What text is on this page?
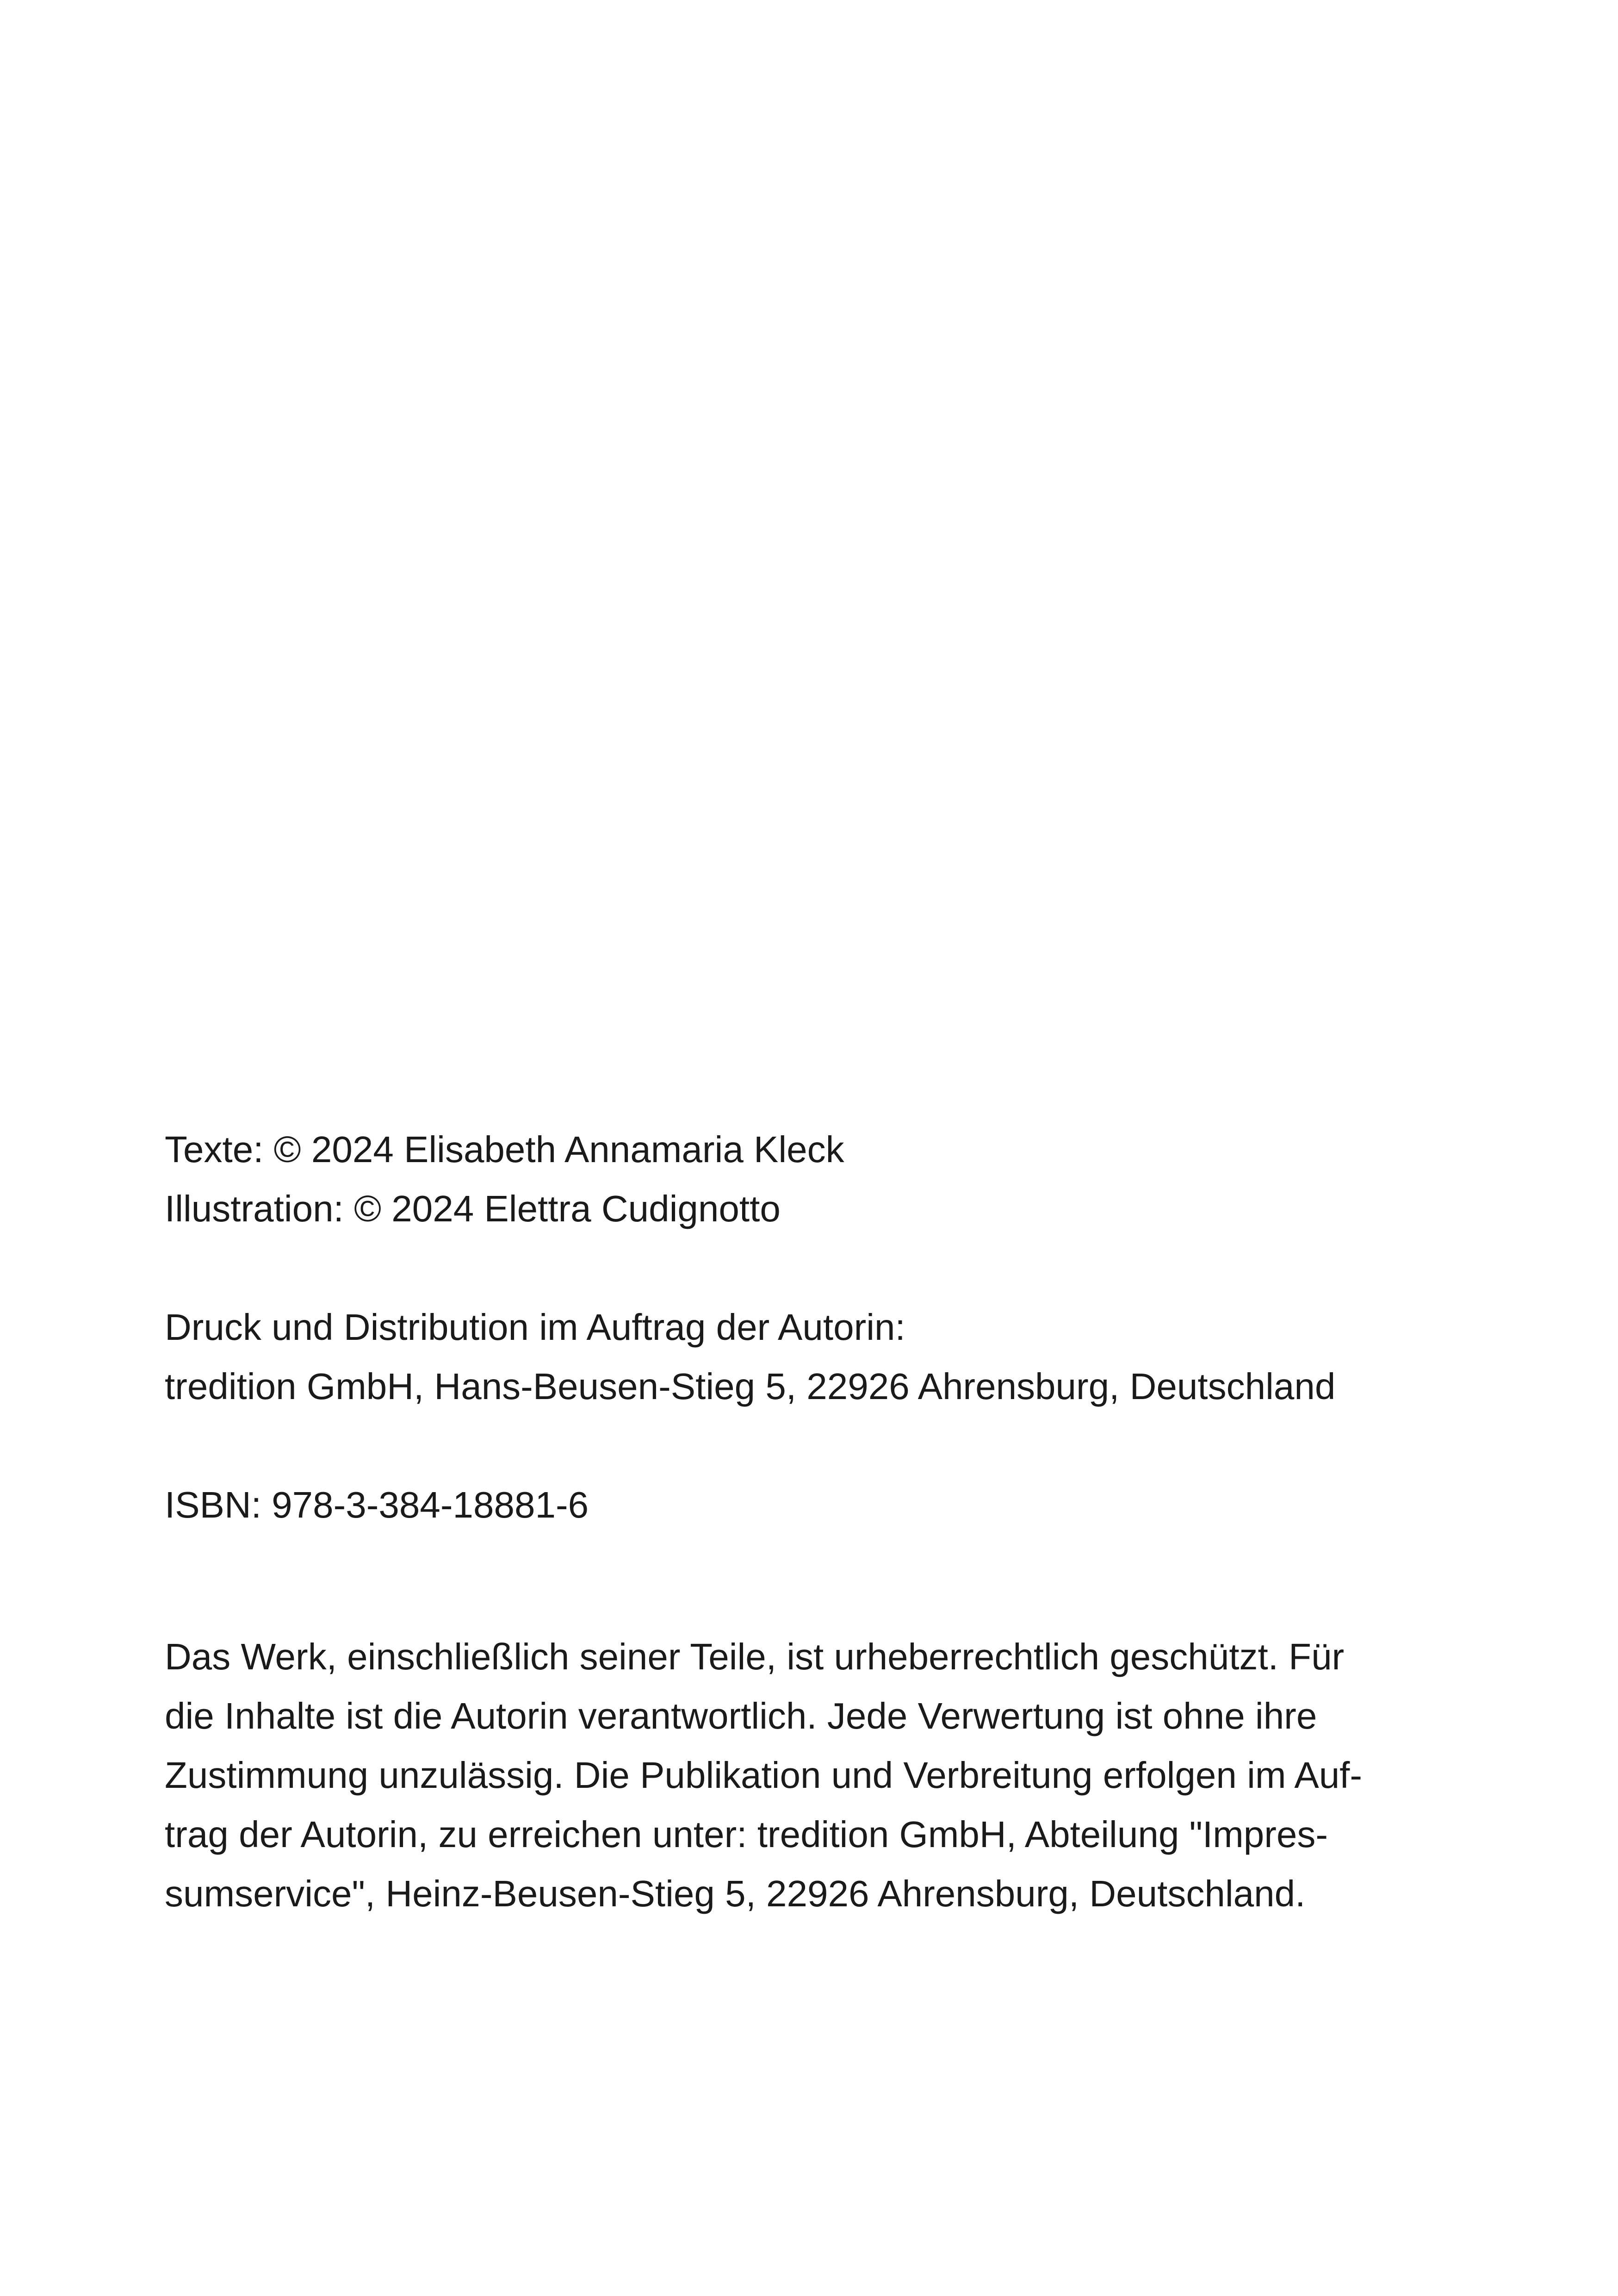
Texte: © 2024 Elisabeth Annamaria Kleck

Illustration: © 2024 Elettra Cudignotto

Druck und Distribution im Auftrag der Autorin:

tredition GmbH, Hans-Beusen-Stieg 5, 22926 Ahrensburg, Deutschland

ISBN: 978-3-384-18881-6

Das Werk, einschließlich seiner Teile, ist urheberrechtlich geschützt. Für

die Inhalte ist die Autorin verantwortlich. Jede Verwertung ist ohne ihre

Zustimmung unzulässig. Die Publikation und Verbreitung erfolgen im Auf-

trag der Autorin, zu erreichen unter: tredition GmbH, Abteilung "Impres-

sumservice", Heinz-Beusen-Stieg 5, 22926 Ahrensburg, Deutschland.
